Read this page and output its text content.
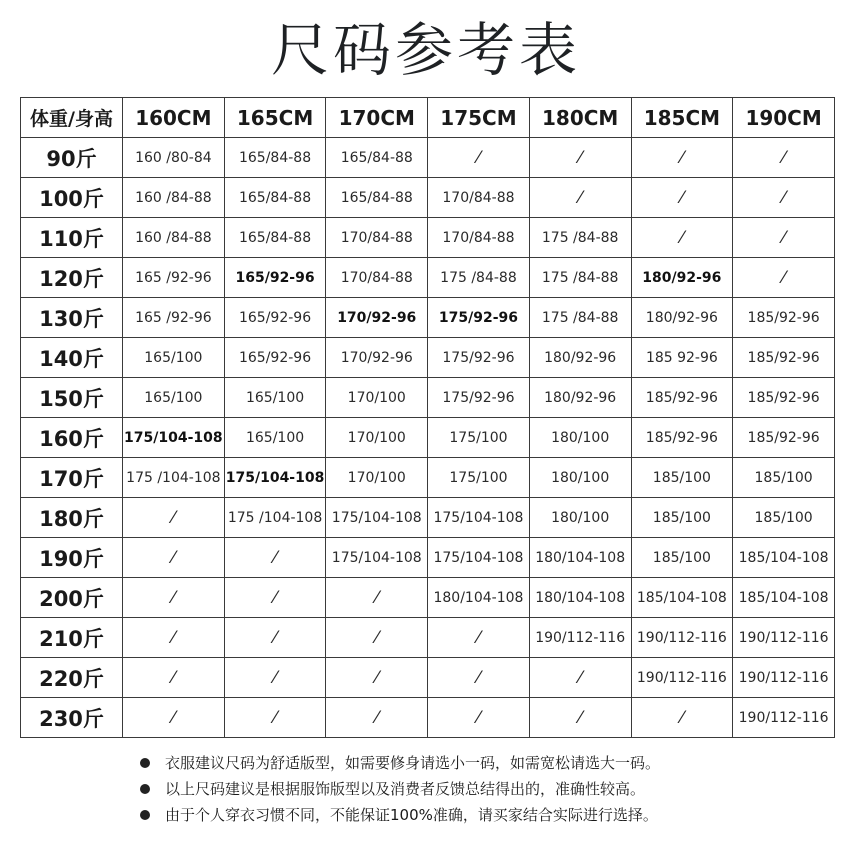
尺码参考表
体重/身高	160CM	165CM	170CM	175CM	180CM	185CM	190CM
90斤	160 /80-84	165/84-88	165/84-88	⁄	⁄	⁄	⁄
100斤	160 /84-88	165/84-88	165/84-88	170/84-88	⁄	⁄	⁄
110斤	160 /84-88	165/84-88	170/84-88	170/84-88	175 /84-88	⁄	⁄
120斤	165 /92-96	165/92-96	170/84-88	175 /84-88	175 /84-88	180/92-96	⁄
130斤	165 /92-96	165/92-96	170/92-96	175/92-96	175 /84-88	180/92-96	185/92-96
140斤	165/100	165/92-96	170/92-96	175/92-96	180/92-96	185 92-96	185/92-96
150斤	165/100	165/100	170/100	175/92-96	180/92-96	185/92-96	185/92-96
160斤	175/104-108	165/100	170/100	175/100	180/100	185/92-96	185/92-96
170斤	175 /104-108	175/104-108	170/100	175/100	180/100	185/100	185/100
180斤	⁄	175 /104-108	175/104-108	175/104-108	180/100	185/100	185/100
190斤	⁄	⁄	175/104-108	175/104-108	180/104-108	185/100	185/104-108
200斤	⁄	⁄	⁄	180/104-108	180/104-108	185/104-108	185/104-108
210斤	⁄	⁄	⁄	⁄	190/112-116	190/112-116	190/112-116
220斤	⁄	⁄	⁄	⁄	⁄	190/112-116	190/112-116
230斤	⁄	⁄	⁄	⁄	⁄	⁄	190/112-116
衣服建议尺码为舒适版型，如需要修身请选小一码，如需宽松请选大一码。
以上尺码建议是根据服饰版型以及消费者反馈总结得出的，准确性较高。
由于个人穿衣习惯不同，不能保证100%准确，请买家结合实际进行选择。
